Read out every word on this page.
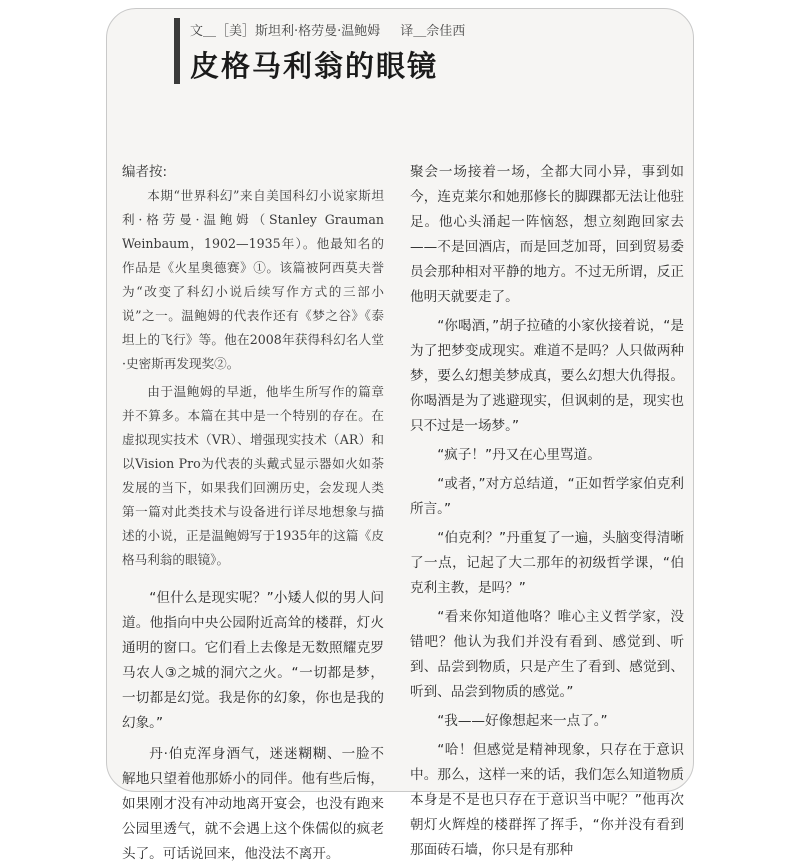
文＿［美］斯坦利·格劳曼·温鲍姆 译＿佘佳西
皮格马利翁的眼镜
编者按:

本期“世界科幻”来自美国科幻小说家斯坦利·格劳曼·温鲍姆（Stanley Grauman Weinbaum，1902—1935年）。他最知名的作品是《火星奥德赛》①。该篇被阿西莫夫誉为“改变了科幻小说后续写作方式的三部小说”之一。温鲍姆的代表作还有《梦之谷》《泰坦上的飞行》等。他在2008年获得科幻名人堂·史密斯再发现奖②。

由于温鲍姆的早逝，他毕生所写作的篇章并不算多。本篇在其中是一个特别的存在。在虚拟现实技术（VR）、增强现实技术（AR）和以Vision Pro为代表的头戴式显示器如火如荼发展的当下，如果我们回溯历史，会发现人类第一篇对此类技术与设备进行详尽地想象与描述的小说，正是温鲍姆写于1935年的这篇《皮格马利翁的眼镜》。

“但什么是现实呢？”小矮人似的男人问道。他指向中央公园附近高耸的楼群，灯火通明的窗口。它们看上去像是无数照耀克罗马农人③之城的洞穴之火。“一切都是梦，一切都是幻觉。我是你的幻象，你也是我的幻象。”

丹·伯克浑身酒气，迷迷糊糊、一脸不解地只望着他那娇小的同伴。他有些后悔，如果刚才没有冲动地离开宴会，也没有跑来公园里透气，就不会遇上这个侏儒似的疯老头了。可话说回来，他没法不离开。

聚会一场接着一场，全都大同小异，事到如今，连克莱尔和她那修长的脚踝都无法让他驻足。他心头涌起一阵恼怒，想立刻跑回家去——不是回酒店，而是回芝加哥，回到贸易委员会那种相对平静的地方。不过无所谓，反正他明天就要走了。

“你喝酒，”胡子拉碴的小家伙接着说，“是为了把梦变成现实。难道不是吗？人只做两种梦，要么幻想美梦成真，要么幻想大仇得报。你喝酒是为了逃避现实，但讽刺的是，现实也只不过是一场梦。”

“疯子！”丹又在心里骂道。

“或者，”对方总结道，“正如哲学家伯克利所言。”

“伯克利？”丹重复了一遍，头脑变得清晰了一点，记起了大二那年的初级哲学课，“伯克利主教，是吗？”

“看来你知道他咯？唯心主义哲学家，没错吧？他认为我们并没有看到、感觉到、听到、品尝到物质，只是产生了看到、感觉到、听到、品尝到物质的感觉。”

“我——好像想起来一点了。”

“哈！但感觉是精神现象，只存在于意识中。那么，这样一来的话，我们怎么知道物质本身是不是也只存在于意识当中呢？”他再次朝灯火辉煌的楼群挥了挥手，“你并没有看到那面砖石墙，你只是有那种
